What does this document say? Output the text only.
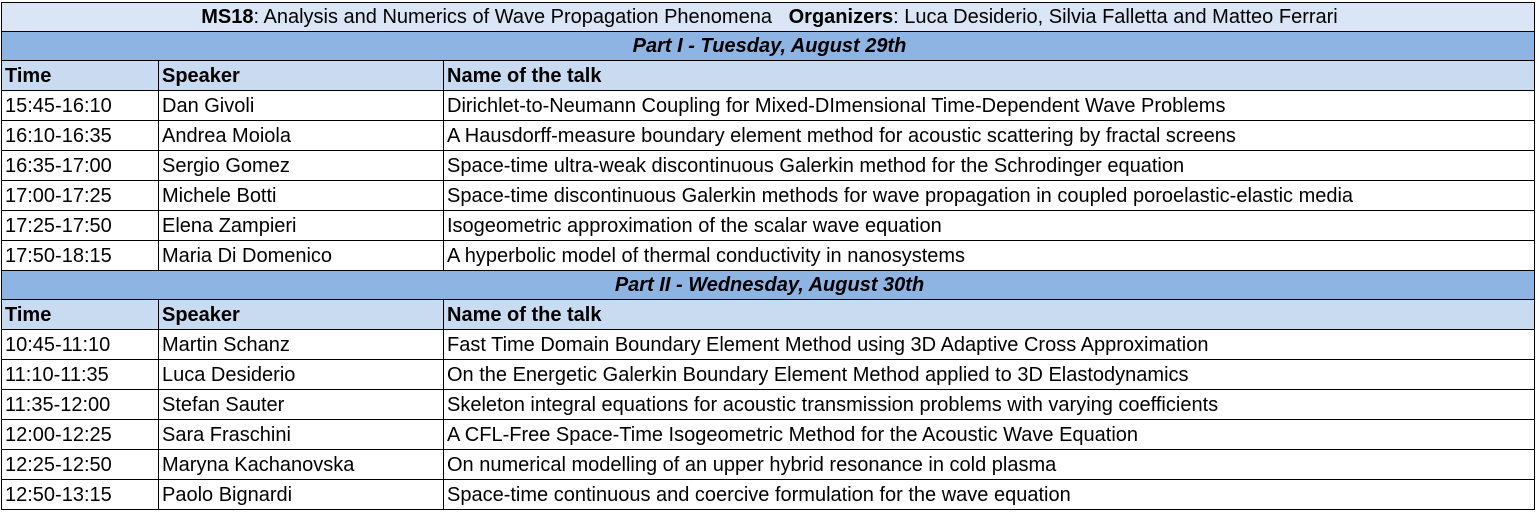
MS18: Analysis and Numerics of Wave Propagation Phenomena Organizers: Luca Desiderio, Silvia Falletta and Matteo Ferrari		
Part I - Tuesday, August 29th		
Time	Speaker	Name of the talk
15:45-16:10	Dan Givoli	Dirichlet-to-Neumann Coupling for Mixed-DImensional Time-Dependent Wave Problems
16:10-16:35	Andrea Moiola	A Hausdorff-measure boundary element method for acoustic scattering by fractal screens
16:35-17:00	Sergio Gomez	Space-time ultra-weak discontinuous Galerkin method for the Schrodinger equation
17:00-17:25	Michele Botti	Space-time discontinuous Galerkin methods for wave propagation in coupled poroelastic-elastic media
17:25-17:50	Elena Zampieri	Isogeometric approximation of the scalar wave equation
17:50-18:15	Maria Di Domenico	A hyperbolic model of thermal conductivity in nanosystems
Part II - Wednesday, August 30th		
Time	Speaker	Name of the talk
10:45-11:10	Martin Schanz	Fast Time Domain Boundary Element Method using 3D Adaptive Cross Approximation
11:10-11:35	Luca Desiderio	On the Energetic Galerkin Boundary Element Method applied to 3D Elastodynamics
11:35-12:00	Stefan Sauter	Skeleton integral equations for acoustic transmission problems with varying coefficients
12:00-12:25	Sara Fraschini	A CFL-Free Space-Time Isogeometric Method for the Acoustic Wave Equation
12:25-12:50	Maryna Kachanovska	On numerical modelling of an upper hybrid resonance in cold plasma
12:50-13:15	Paolo Bignardi	Space-time continuous and coercive formulation for the wave equation
